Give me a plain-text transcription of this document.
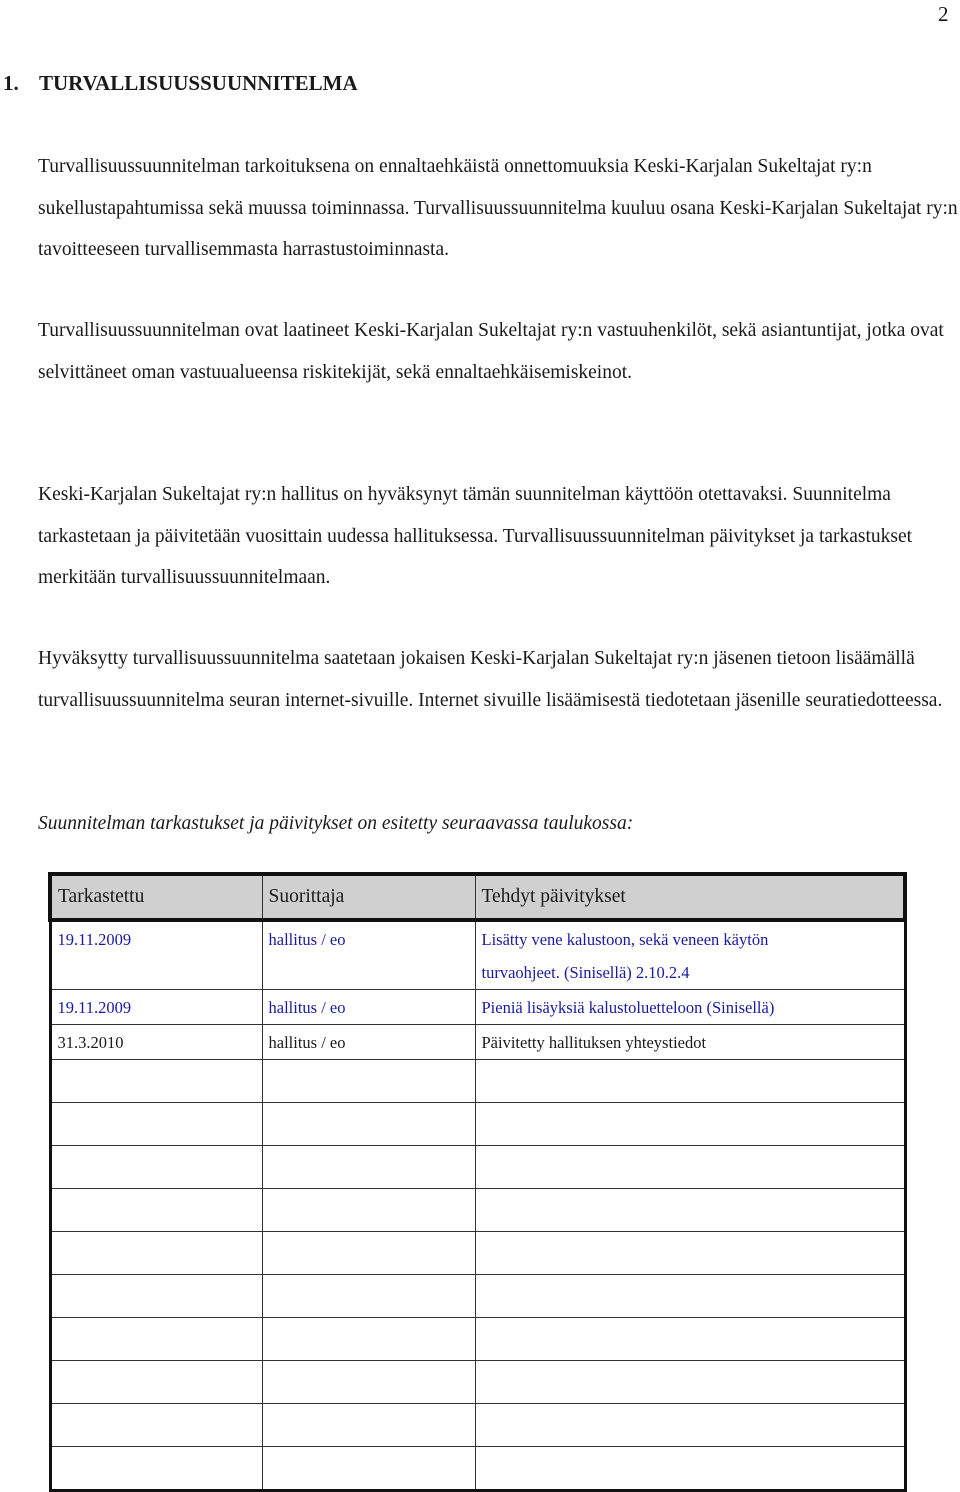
2
1. TURVALLISUUSSUUNNITELMA

Turvallisuussuunnitelman tarkoituksena on ennaltaehkäistä onnettomuuksia Keski-Karjalan Sukeltajat ry:n sukellustapahtumissa sekä muussa toiminnassa. Turvallisuussuunnitelma kuuluu osana Keski-Karjalan Sukeltajat ry:n tavoitteeseen turvallisemmasta harrastustoiminnasta.

Turvallisuussuunnitelman ovat laatineet Keski-Karjalan Sukeltajat ry:n vastuuhenkilöt, sekä asiantuntijat, jotka ovat selvittäneet oman vastuualueensa riskitekijät, sekä ennaltaehkäisemiskeinot.

Keski-Karjalan Sukeltajat ry:n hallitus on hyväksynyt tämän suunnitelman käyttöön otettavaksi. Suunnitelma tarkastetaan ja päivitetään vuosittain uudessa hallituksessa. Turvallisuussuunnitelman päivitykset ja tarkastukset merkitään turvallisuussuunnitelmaan.

Hyväksytty turvallisuussuunnitelma saatetaan jokaisen Keski-Karjalan Sukeltajat ry:n jäsenen tietoon lisäämällä turvallisuussuunnitelma seuran internet-sivuille. Internet sivuille lisäämisestä tiedotetaan jäsenille seuratiedotteessa.

Suunnitelman tarkastukset ja päivitykset on esitetty seuraavassa taulukossa:

Tarkastettu	Suorittaja	Tehdyt päivitykset
19.11.2009	hallitus / eo	Lisätty vene kalustoon, sekä veneen käytön
turvaohjeet. (Sinisellä) 2.10.2.4

19.11.2009	hallitus / eo	Pieniä lisäyksiä kalustoluetteloon (Sinisellä)
31.3.2010	hallitus / eo	Päivitetty hallituksen yhteystiedot
